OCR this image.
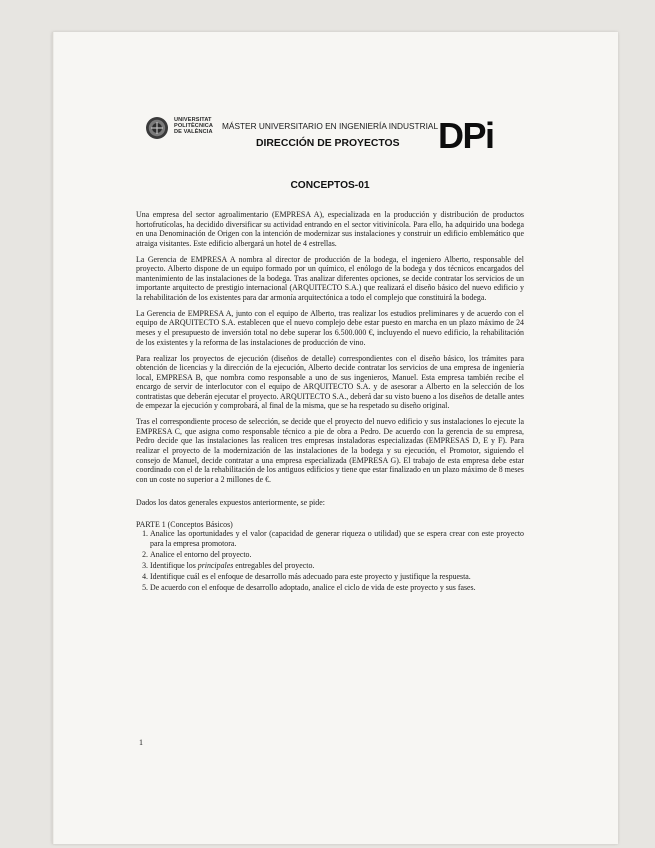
UNIVERSITAT
POLITÈCNICA
DE VALÈNCIA
MÁSTER UNIVERSITARIO EN INGENIERÍA INDUSTRIAL
DIRECCIÓN DE PROYECTOS DPi
CONCEPTOS-01

Una empresa del sector agroalimentario (EMPRESA A), especializada en la producción y distribución de productos hortofrutícolas, ha decidido diversificar su actividad entrando en el sector vitivinícola. Para ello, ha adquirido una bodega en una Denominación de Origen con la intención de modernizar sus instalaciones y construir un edificio emblemático que atraiga visitantes. Este edificio albergará un hotel de 4 estrellas.

La Gerencia de EMPRESA A nombra al director de producción de la bodega, el ingeniero Alberto, responsable del proyecto. Alberto dispone de un equipo formado por un químico, el enólogo de la bodega y dos técnicos encargados del mantenimiento de las instalaciones de la bodega. Tras analizar diferentes opciones, se decide contratar los servicios de un importante arquitecto de prestigio internacional (ARQUITECTO S.A.) que realizará el diseño básico del nuevo edificio y la rehabilitación de los existentes para dar armonía arquitectónica a todo el complejo que constituirá la bodega.

La Gerencia de EMPRESA A, junto con el equipo de Alberto, tras realizar los estudios preliminares y de acuerdo con el equipo de ARQUITECTO S.A. establecen que el nuevo complejo debe estar puesto en marcha en un plazo máximo de 24 meses y el presupuesto de inversión total no debe superar los 6.500.000 €, incluyendo el nuevo edificio, la rehabilitación de los existentes y la reforma de las instalaciones de producción de vino.

Para realizar los proyectos de ejecución (diseños de detalle) correspondientes con el diseño básico, los trámites para obtención de licencias y la dirección de la ejecución, Alberto decide contratar los servicios de una empresa de ingeniería local, EMPRESA B, que nombra como responsable a uno de sus ingenieros, Manuel. Esta empresa también recibe el encargo de servir de interlocutor con el equipo de ARQUITECTO S.A. y de asesorar a Alberto en la selección de los contratistas que deberán ejecutar el proyecto. ARQUITECTO S.A., deberá dar su visto bueno a los diseños de detalle antes de empezar la ejecución y comprobará, al final de la misma, que se ha respetado su diseño original.

Tras el correspondiente proceso de selección, se decide que el proyecto del nuevo edificio y sus instalaciones lo ejecute la EMPRESA C, que asigna como responsable técnico a pie de obra a Pedro. De acuerdo con la gerencia de su empresa, Pedro decide que las instalaciones las realicen tres empresas instaladoras especializadas (EMPRESAS D, E y F). Para realizar el proyecto de la modernización de las instalaciones de la bodega y su ejecución, el Promotor, siguiendo el consejo de Manuel, decide contratar a una empresa especializada (EMPRESA G). El trabajo de esta empresa debe estar coordinado con el de la rehabilitación de los antiguos edificios y tiene que estar finalizado en un plazo máximo de 8 meses con un coste no superior a 2 millones de €.

Dados los datos generales expuestos anteriormente, se pide:

PARTE 1 (Conceptos Básicos)

1. Analice las oportunidades y el valor (capacidad de generar riqueza o utilidad) que se espera crear con este proyecto para la empresa promotora.
2. Analice el entorno del proyecto.
3. Identifique los principales entregables del proyecto.
4. Identifique cuál es el enfoque de desarrollo más adecuado para este proyecto y justifique la respuesta.
5. De acuerdo con el enfoque de desarrollo adoptado, analice el ciclo de vida de este proyecto y sus fases.
1
